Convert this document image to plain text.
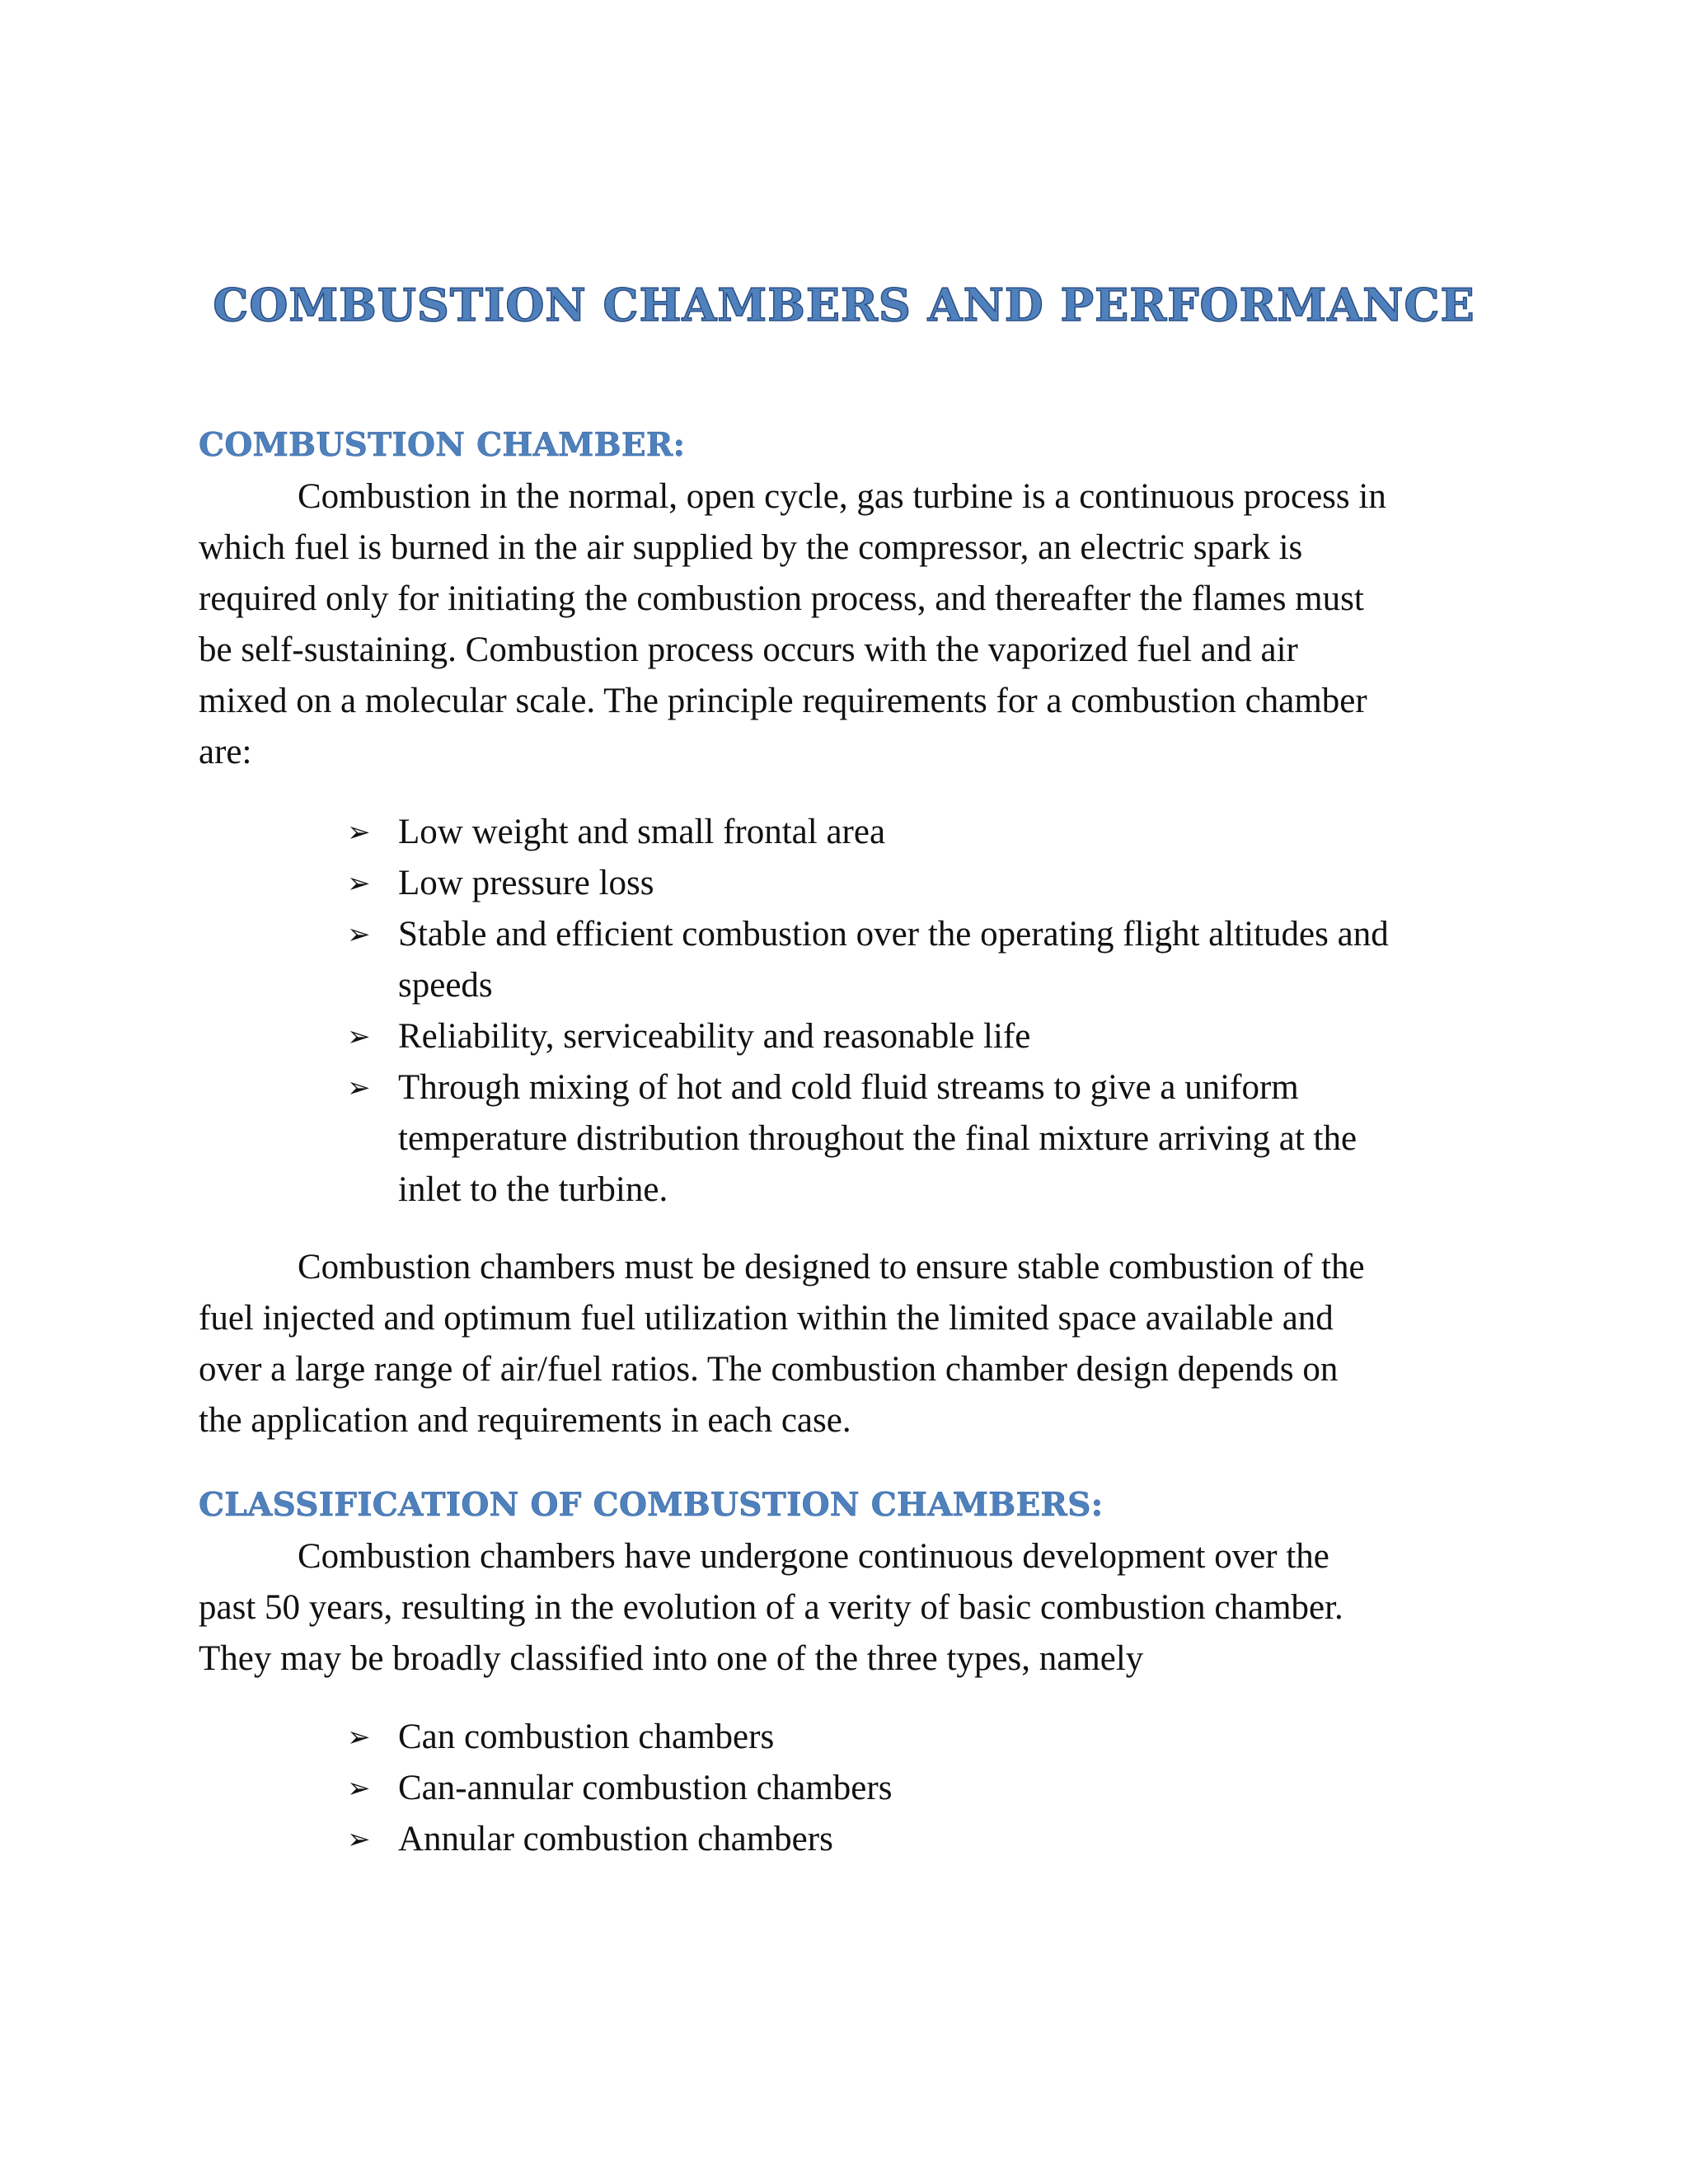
COMBUSTION CHAMBERS AND PERFORMANCE
COMBUSTION CHAMBER:
Combustion in the normal, open cycle, gas turbine is a continuous process in
which fuel is burned in the air supplied by the compressor, an electric spark is
required only for initiating the combustion process, and thereafter the flames must
be self-sustaining. Combustion process occurs with the vaporized fuel and air
mixed on a molecular scale. The principle requirements for a combustion chamber
are:
➢ Low weight and small frontal area
➢ Low pressure loss
➢ Stable and efficient combustion over the operating flight altitudes and
speeds
➢ Reliability, serviceability and reasonable life
➢ Through mixing of hot and cold fluid streams to give a uniform
temperature distribution throughout the final mixture arriving at the
inlet to the turbine.
Combustion chambers must be designed to ensure stable combustion of the
fuel injected and optimum fuel utilization within the limited space available and
over a large range of air/fuel ratios. The combustion chamber design depends on
the application and requirements in each case.
CLASSIFICATION OF COMBUSTION CHAMBERS:
Combustion chambers have undergone continuous development over the
past 50 years, resulting in the evolution of a verity of basic combustion chamber.
They may be broadly classified into one of the three types, namely
➢ Can combustion chambers
➢ Can-annular combustion chambers
➢ Annular combustion chambers
